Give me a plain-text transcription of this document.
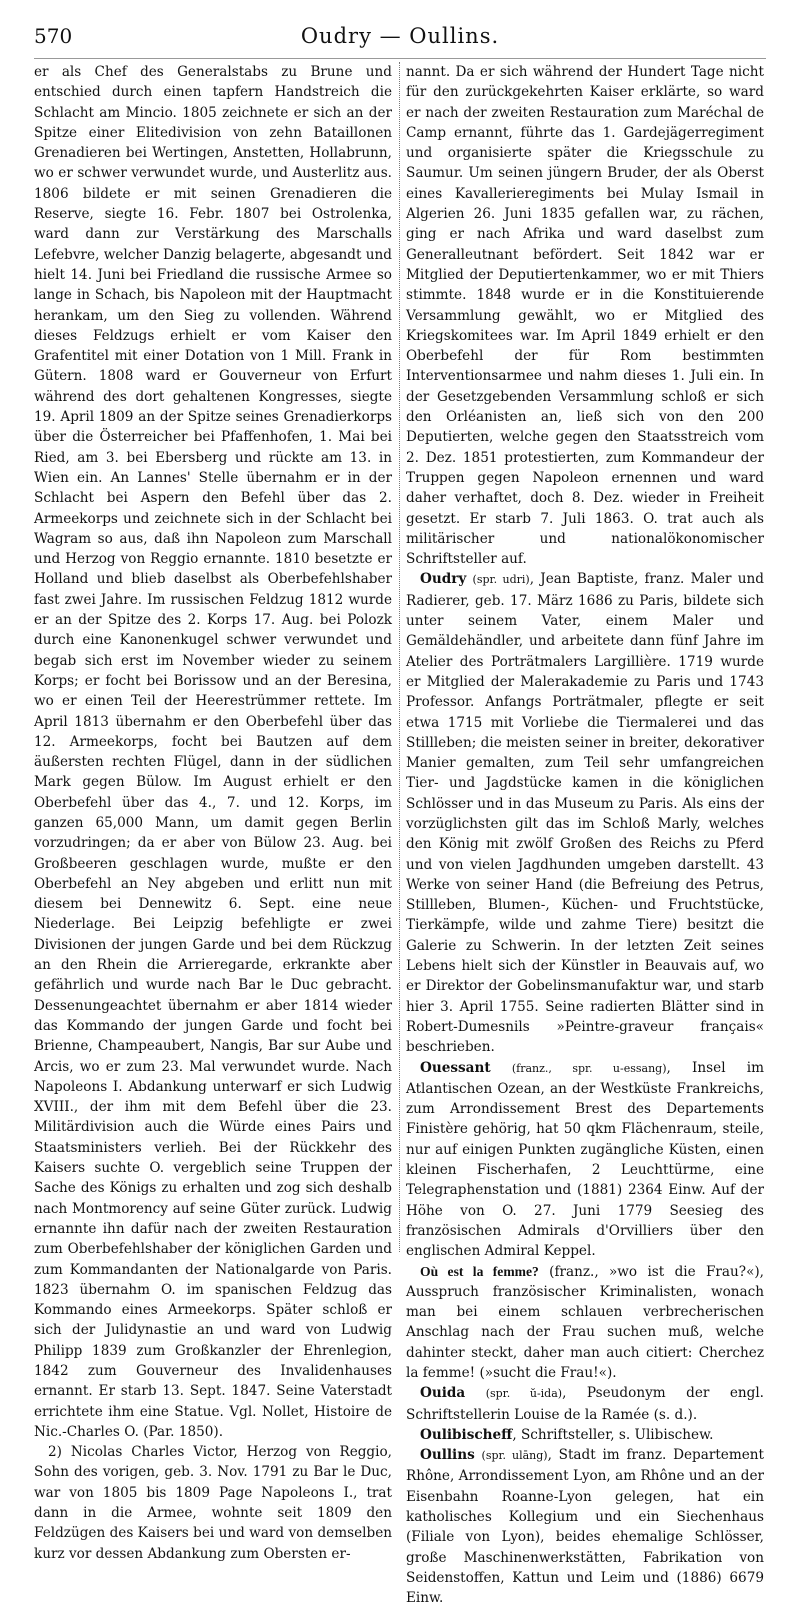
570	Oudry — Oullins.

er als Chef des Generalstabs zu Brune und entschied durch einen tapfern Handstreich die Schlacht am Mincio. 1805 zeichnete er sich an der Spitze einer Elitedivision von zehn Bataillonen Grenadieren bei Wertingen, Anstetten, Hollabrunn, wo er schwer verwundet wurde, und Austerlitz aus. 1806 bildete er mit seinen Grenadieren die Reserve, siegte 16. Febr. 1807 bei Ostrolenka, ward dann zur Verstärkung des Marschalls Lefebvre, welcher Danzig belagerte, abgesandt und hielt 14. Juni bei Friedland die russische Armee so lange in Schach, bis Napoleon mit der Hauptmacht herankam, um den Sieg zu vollenden. Während dieses Feldzugs erhielt er vom Kaiser den Grafentitel mit einer Dotation von 1 Mill. Frank in Gütern. 1808 ward er Gouverneur von Erfurt während des dort gehaltenen Kongresses, siegte 19. April 1809 an der Spitze seines Grenadierkorps über die Österreicher bei Pfaffenhofen, 1. Mai bei Ried, am 3. bei Ebersberg und rückte am 13. in Wien ein. An Lannes' Stelle übernahm er in der Schlacht bei Aspern den Befehl über das 2. Armeekorps und zeichnete sich in der Schlacht bei Wagram so aus, daß ihn Napoleon zum Marschall und Herzog von Reggio ernannte. 1810 besetzte er Holland und blieb daselbst als Oberbefehlshaber fast zwei Jahre. Im russischen Feldzug 1812 wurde er an der Spitze des 2. Korps 17. Aug. bei Polozk durch eine Kanonenkugel schwer verwundet und begab sich erst im November wieder zu seinem Korps; er focht bei Borissow und an der Beresina, wo er einen Teil der Heerestrümmer rettete. Im April 1813 übernahm er den Oberbefehl über das 12. Armeekorps, focht bei Bautzen auf dem äußersten rechten Flügel, dann in der südlichen Mark gegen Bülow. Im August erhielt er den Oberbefehl über das 4., 7. und 12. Korps, im ganzen 65,000 Mann, um damit gegen Berlin vorzudringen; da er aber von Bülow 23. Aug. bei Großbeeren geschlagen wurde, mußte er den Oberbefehl an Ney abgeben und erlitt nun mit diesem bei Dennewitz 6. Sept. eine neue Niederlage. Bei Leipzig befehligte er zwei Divisionen der jungen Garde und bei dem Rückzug an den Rhein die Arrieregarde, erkrankte aber gefährlich und wurde nach Bar le Duc gebracht. Dessenungeachtet übernahm er aber 1814 wieder das Kommando der jungen Garde und focht bei Brienne, Champeaubert, Nangis, Bar sur Aube und Arcis, wo er zum 23. Mal verwundet wurde. Nach Napoleons I. Abdankung unterwarf er sich Ludwig XVIII., der ihm mit dem Befehl über die 23. Militärdivision auch die Würde eines Pairs und Staatsministers verlieh. Bei der Rückkehr des Kaisers suchte O. vergeblich seine Truppen der Sache des Königs zu erhalten und zog sich deshalb nach Montmorency auf seine Güter zurück. Ludwig ernannte ihn dafür nach der zweiten Restauration zum Oberbefehlshaber der königlichen Garden und zum Kommandanten der Nationalgarde von Paris. 1823 übernahm O. im spanischen Feldzug das Kommando eines Armeekorps. Später schloß er sich der Julidynastie an und ward von Ludwig Philipp 1839 zum Großkanzler der Ehrenlegion, 1842 zum Gouverneur des Invalidenhauses ernannt. Er starb 13. Sept. 1847. Seine Vaterstadt errichtete ihm eine Statue. Vgl. Nollet, Histoire de Nic.-Charles O. (Par. 1850).

2) Nicolas Charles Victor, Herzog von Reggio, Sohn des vorigen, geb. 3. Nov. 1791 zu Bar le Duc, war von 1805 bis 1809 Page Napoleons I., trat dann in die Armee, wohnte seit 1809 den Feldzügen des Kaisers bei und ward von demselben kurz vor dessen Abdankung zum Obersten er-

nannt. Da er sich während der Hundert Tage nicht für den zurückgekehrten Kaiser erklärte, so ward er nach der zweiten Restauration zum Maréchal de Camp ernannt, führte das 1. Gardejägerregiment und organisierte später die Kriegsschule zu Saumur. Um seinen jüngern Bruder, der als Oberst eines Kavallerieregiments bei Mulay Ismail in Algerien 26. Juni 1835 gefallen war, zu rächen, ging er nach Afrika und ward daselbst zum Generalleutnant befördert. Seit 1842 war er Mitglied der Deputiertenkammer, wo er mit Thiers stimmte. 1848 wurde er in die Konstituierende Versammlung gewählt, wo er Mitglied des Kriegskomitees war. Im April 1849 erhielt er den Oberbefehl der für Rom bestimmten Interventionsarmee und nahm dieses 1. Juli ein. In der Gesetzgebenden Versammlung schloß er sich den Orléanisten an, ließ sich von den 200 Deputierten, welche gegen den Staatsstreich vom 2. Dez. 1851 protestierten, zum Kommandeur der Truppen gegen Napoleon ernennen und ward daher verhaftet, doch 8. Dez. wieder in Freiheit gesetzt. Er starb 7. Juli 1863. O. trat auch als militärischer und nationalökonomischer Schriftsteller auf.

Oudry (spr. udri), Jean Baptiste, franz. Maler und Radierer, geb. 17. März 1686 zu Paris, bildete sich unter seinem Vater, einem Maler und Gemäldehändler, und arbeitete dann fünf Jahre im Atelier des Porträtmalers Largillière. 1719 wurde er Mitglied der Malerakademie zu Paris und 1743 Professor. Anfangs Porträtmaler, pflegte er seit etwa 1715 mit Vorliebe die Tiermalerei und das Stillleben; die meisten seiner in breiter, dekorativer Manier gemalten, zum Teil sehr umfangreichen Tier- und Jagdstücke kamen in die königlichen Schlösser und in das Museum zu Paris. Als eins der vorzüglichsten gilt das im Schloß Marly, welches den König mit zwölf Großen des Reichs zu Pferd und von vielen Jagdhunden umgeben darstellt. 43 Werke von seiner Hand (die Befreiung des Petrus, Stillleben, Blumen-, Küchen- und Fruchtstücke, Tierkämpfe, wilde und zahme Tiere) besitzt die Galerie zu Schwerin. In der letzten Zeit seines Lebens hielt sich der Künstler in Beauvais auf, wo er Direktor der Gobelinsmanufaktur war, und starb hier 3. April 1755. Seine radierten Blätter sind in Robert-Dumesnils »Peintre-graveur français« beschrieben.

Ouessant (franz., spr. u-essang), Insel im Atlantischen Ozean, an der Westküste Frankreichs, zum Arrondissement Brest des Departements Finistère gehörig, hat 50 qkm Flächenraum, steile, nur auf einigen Punkten zugängliche Küsten, einen kleinen Fischerhafen, 2 Leuchttürme, eine Telegraphenstation und (1881) 2364 Einw. Auf der Höhe von O. 27. Juni 1779 Seesieg des französischen Admirals d'Orvilliers über den englischen Admiral Keppel.

Où est la femme? (franz., »wo ist die Frau?«), Ausspruch französischer Kriminalisten, wonach man bei einem schlauen verbrecherischen Anschlag nach der Frau suchen muß, welche dahinter steckt, daher man auch citiert: Cherchez la femme! (»sucht die Frau!«).

Ouida (spr. ŭ-ida), Pseudonym der engl. Schriftstellerin Louise de la Ramée (s. d.).

Oulibischeff, Schriftsteller, s. Ulibischew.

Oullins (spr. ulāng), Stadt im franz. Departement Rhône, Arrondissement Lyon, am Rhône und an der Eisenbahn Roanne-Lyon gelegen, hat ein katholisches Kollegium und ein Siechenhaus (Filiale von Lyon), beides ehemalige Schlösser, große Maschinenwerkstätten, Fabrikation von Seidenstoffen, Kattun und Leim und (1886) 6679 Einw.
